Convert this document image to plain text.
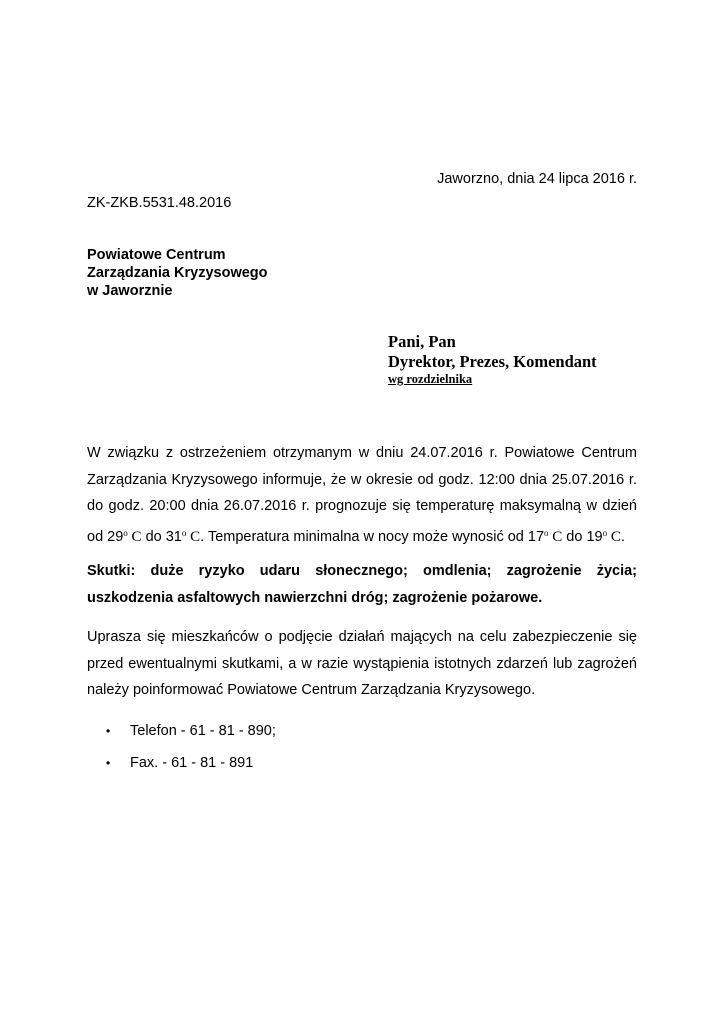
Jaworzno, dnia 24 lipca 2016 r.
ZK-ZKB.5531.48.2016
Powiatowe Centrum
Zarządzania Kryzysowego
w Jaworznie
Pani, Pan
Dyrektor, Prezes, Komendant
wg rozdzielnika
W związku z ostrzeżeniem otrzymanym w dniu 24.07.2016 r. Powiatowe Centrum Zarządzania Kryzysowego informuje, że w okresie od godz. 12:00 dnia 25.07.2016 r. do godz. 20:00 dnia 26.07.2016 r. prognozuje się temperaturę maksymalną w dzień od 29$^o$ C do 31$^o$ C. Temperatura minimalna w nocy może wynosić od 17$^o$ C do 19$^o$ C.
Skutki: duże ryzyko udaru słonecznego; omdlenia; zagrożenie życia; uszkodzenia asfaltowych nawierzchni dróg; zagrożenie pożarowe.
Uprasza się mieszkańców o podjęcie działań mających na celu zabezpieczenie się przed ewentualnymi skutkami, a w razie wystąpienia istotnych zdarzeń lub zagrożeń należy poinformować Powiatowe Centrum Zarządzania Kryzysowego.
• Telefon - 61 - 81 - 890;
• Fax. - 61 - 81 - 891
